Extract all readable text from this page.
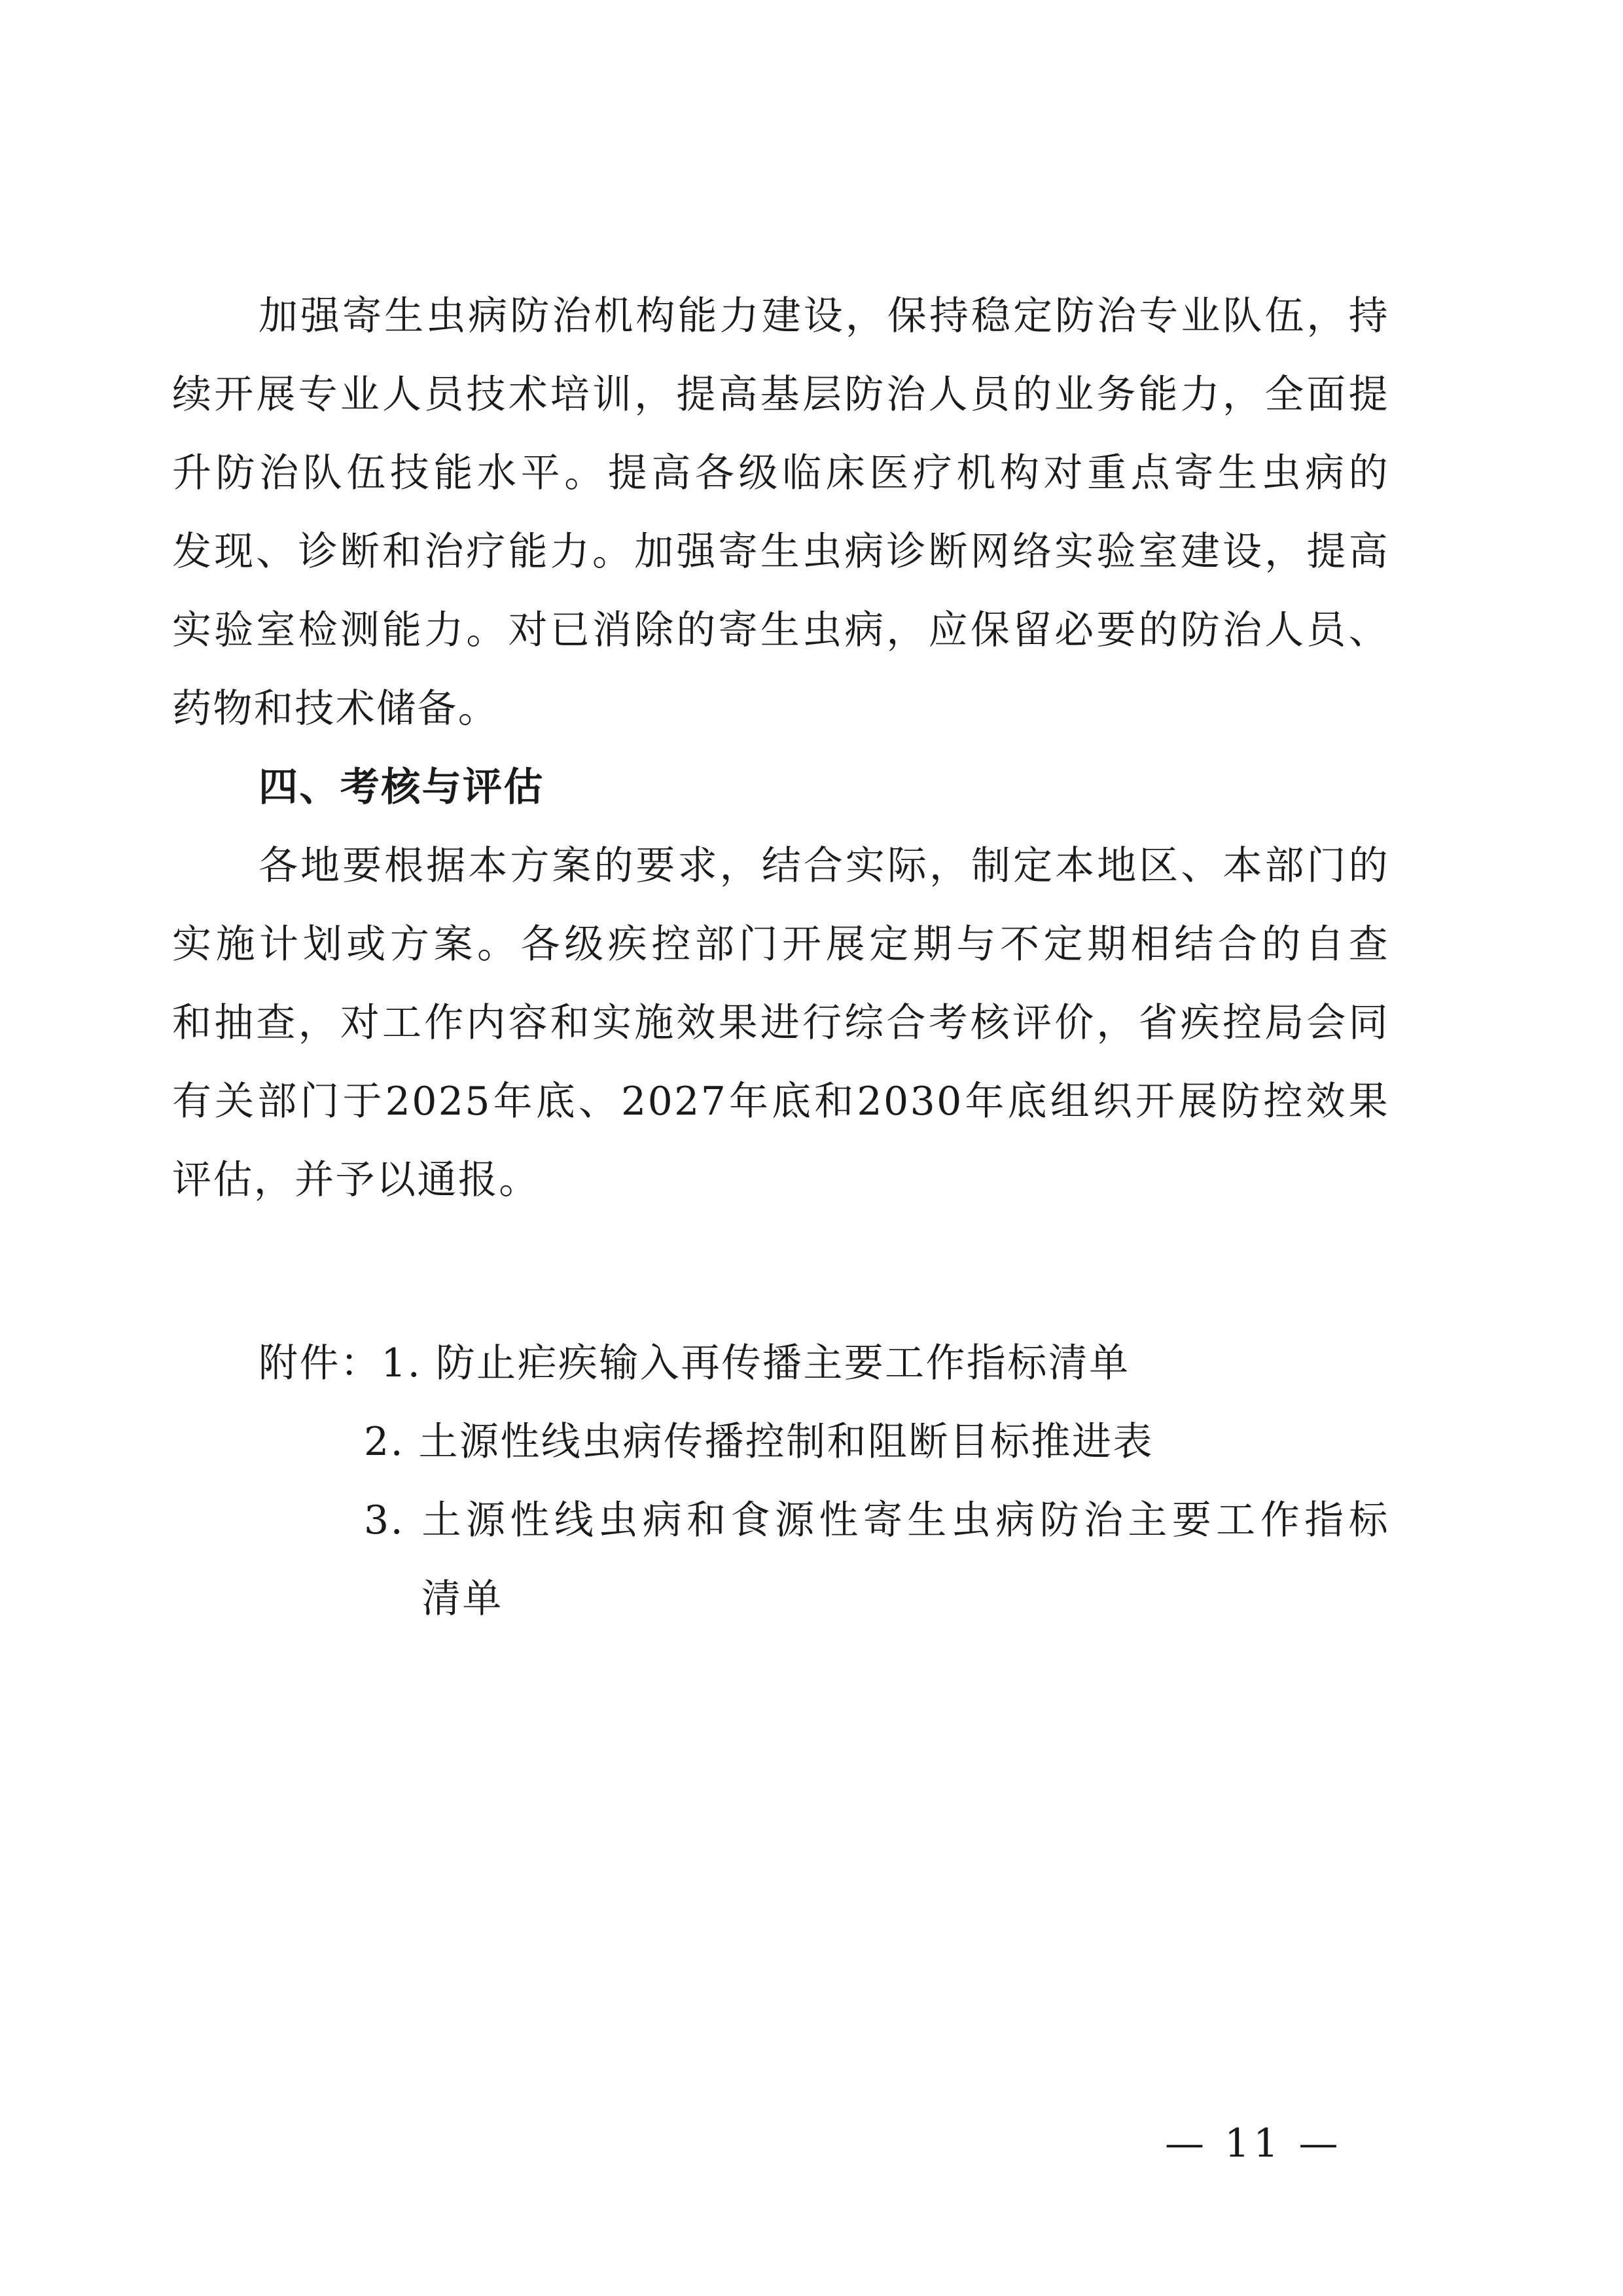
加强寄生虫病防治机构能力建设，保持稳定防治专业队伍，持
续开展专业人员技术培训，提高基层防治人员的业务能力，全面提
升防治队伍技能水平。提高各级临床医疗机构对重点寄生虫病的
发现、诊断和治疗能力。加强寄生虫病诊断网络实验室建设，提高
实验室检测能力。对已消除的寄生虫病，应保留必要的防治人员、
药物和技术储备。
四、考核与评估
各地要根据本方案的要求，结合实际，制定本地区、本部门的
实施计划或方案。各级疾控部门开展定期与不定期相结合的自查
和抽查，对工作内容和实施效果进行综合考核评价，省疾控局会同
有关部门于2025年底、2027年底和2030年底组织开展防控效果
评估，并予以通报。
附件：1. 防止疟疾输入再传播主要工作指标清单
2. 土源性线虫病传播控制和阻断目标推进表
3. 土源性线虫病和食源性寄生虫病防治主要工作指标
清单
— 11 —
